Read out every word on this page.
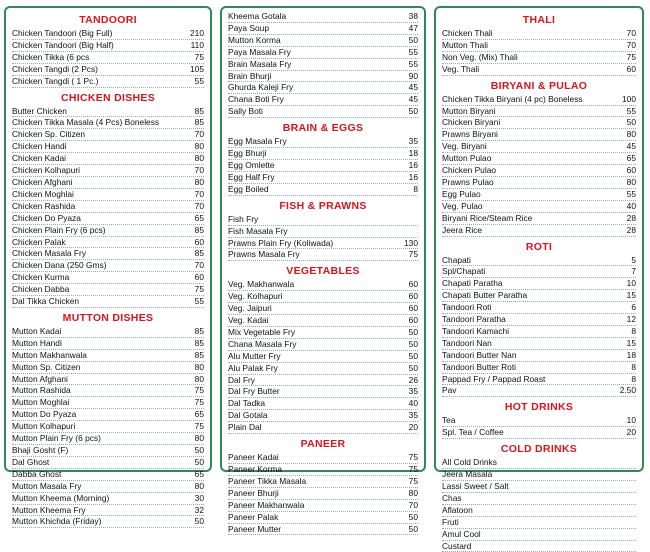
TANDOORI
Chicken Tandoori (Big Full)	210
Chicken Tandoori (Big Half)	110
Chicken Tikka (6 pcs	75
Chicken Tangdi (2 Pcs)	105
Chicken Tangdi ( 1 Pc.)	55
CHICKEN DISHES
Butter Chicken	85
Chicken Tikka Masala (4 Pcs) Boneless	85
Chicken Sp. Citizen	70
Chicken Handi	80
Chicken Kadai	80
Chicken Kolhapuri	70
Chicken Afghani	80
Chicken Moghlai	70
Chicken Rashida	70
Chicken Do Pyaza	65
Chicken Plain Fry (6 pcs)	85
Chicken Palak	60
Chicken Masala Fry	85
Chicken Dana (250 Gms)	70
Chicken Kurma	60
Chicken Dabba	75
Dal Tikka Chicken	55
MUTTON DISHES
Mutton Kadai	85
Mutton Handi	85
Mutton Makhanwala	85
Mutton Sp. Citizen	80
Mutton Afghani	80
Mutton Rashida	75
Mutton Moghlai	75
Mutton Do Pyaza	65
Mutton Kolhapuri	75
Mutton Plain Fry (6 pcs)	80
Bhaji Gosht (F)	50
Dal Ghost	50
Dabba Ghost	65
Mutton Masala Fry	80
Mutton Kheema (Morning)	30
Mutton Kheema Fry	32
Mutton Khichda (Friday)	50
Kheema Gotala	38
Paya Soup	47
Mutton Korma	50
Paya Masala Fry	55
Brain Masala Fry	55
Brain Bhurji	90
Ghurda Kaleji Fry	45
Chana Boti Fry	45
Sally Boti	50
BRAIN & EGGS
Egg Masala Fry	35
Egg Bhurji	18
Egg Omlette	16
Egg Half Fry	16
Egg Boiled	8
FISH & PRAWNS
Fish Fry
Fish Masala Fry
Prawns Plain Fry (Koliwada)	130
Prawns Masala Fry	75
VEGETABLES
Veg. Makhanwala	60
Veg. Kolhapuri	60
Veg. Jaipuri	60
Veg. Kadai	60
Mix Vegetable Fry	50
Chana Masala Fry	50
Alu Mutter Fry	50
Alu Palak Fry	50
Dal Fry	26
Dal Fry Butter	35
Dal Tadka	40
Dal Gotala	35
Plain Dal	20
PANEER
Paneer Kadai	75
Paneer Korma	75
Paneer Tikka Masala	75
Paneer Bhurji	80
Paneer Makhanwala	70
Paneer Palak	50
Paneer Mutter	50
THALI
Chicken Thali	70
Mutton Thali	70
Non Veg. (Mix) Thali	75
Veg. Thali	60
BIRYANI & PULAO
Chicken Tikka Biryani (4 pc) Boneless	100
Mutton Biryani	55
Chicken Biryani	50
Prawns Biryani	80
Veg. Biryani	45
Mutton Pulao	65
Chicken Pulao	60
Prawns Pulao	80
Egg Pulao	55
Veg. Pulao	40
Biryani Rice/Steam Rice	28
Jeera Rice	28
ROTI
Chapati	5
Spl/Chapati	7
Chapati Paratha	10
Chapati Butter Paratha	15
Tandoori Roti	6
Tandoori Paratha	12
Tandoori Kamachi	8
Tandoori Nan	15
Tandoori Butter Nan	18
Tandoori Butter Roti	8
Pappad Fry / Pappad Roast	8
Pav	2.50
HOT DRINKS
Tea	10
Spl. Tea / Coffee	20
COLD DRINKS
All Cold Drinks
Jeera Masala
Lassi Sweet / Salt
Chas
Aflatoon
Fruti
Amul Cool
Custard
